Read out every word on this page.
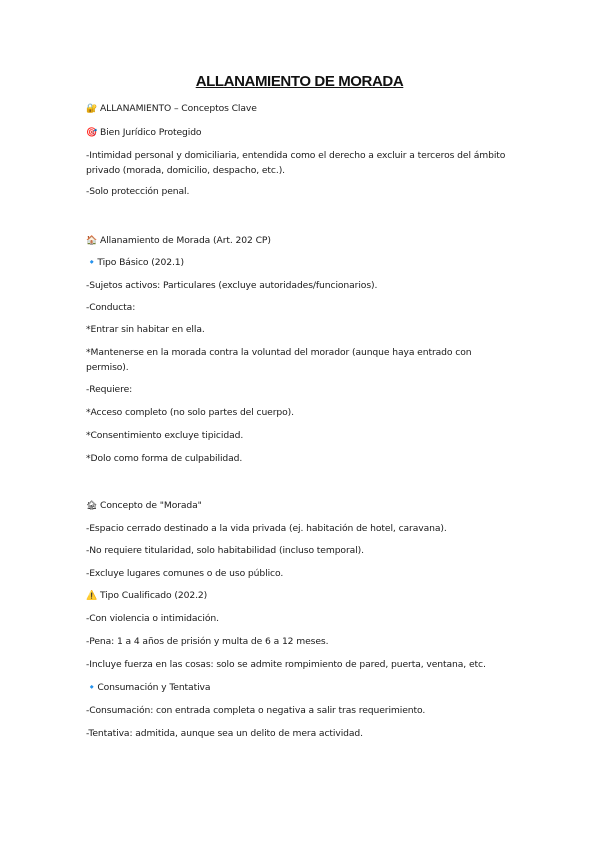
ALLANAMIENTO DE MORADA
🔐 ALLANAMIENTO – Conceptos Clave
🎯 Bien Jurídico Protegido
-Intimidad personal y domiciliaria, entendida como el derecho a excluir a terceros del ámbito privado (morada, domicilio, despacho, etc.).
-Solo protección penal.
🏠 Allanamiento de Morada (Art. 202 CP)
🔹Tipo Básico (202.1)
-Sujetos activos: Particulares (excluye autoridades/funcionarios).
-Conducta:
*Entrar sin habitar en ella.
*Mantenerse en la morada contra la voluntad del morador (aunque haya entrado con permiso).
-Requiere:
*Acceso completo (no solo partes del cuerpo).
*Consentimiento excluye tipicidad.
*Dolo como forma de culpabilidad.
🏚 Concepto de "Morada"
-Espacio cerrado destinado a la vida privada (ej. habitación de hotel, caravana).
-No requiere titularidad, solo habitabilidad (incluso temporal).
-Excluye lugares comunes o de uso público.
⚠️ Tipo Cualificado (202.2)
-Con violencia o intimidación.
-Pena: 1 a 4 años de prisión y multa de 6 a 12 meses.
-Incluye fuerza en las cosas: solo se admite rompimiento de pared, puerta, ventana, etc.
🔹Consumación y Tentativa
-Consumación: con entrada completa o negativa a salir tras requerimiento.
-Tentativa: admitida, aunque sea un delito de mera actividad.
